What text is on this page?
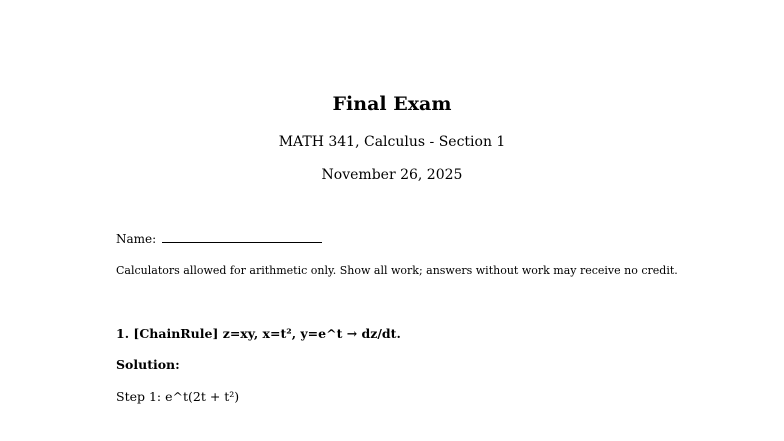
Final Exam
MATH 341, Calculus - Section 1
November 26, 2025
Name:
Calculators allowed for arithmetic only. Show all work; answers without work may receive no credit.
1. [ChainRule] z=xy, x=t², y=e^t → dz/dt.
Solution:
Step 1: e^t(2t + t²)
